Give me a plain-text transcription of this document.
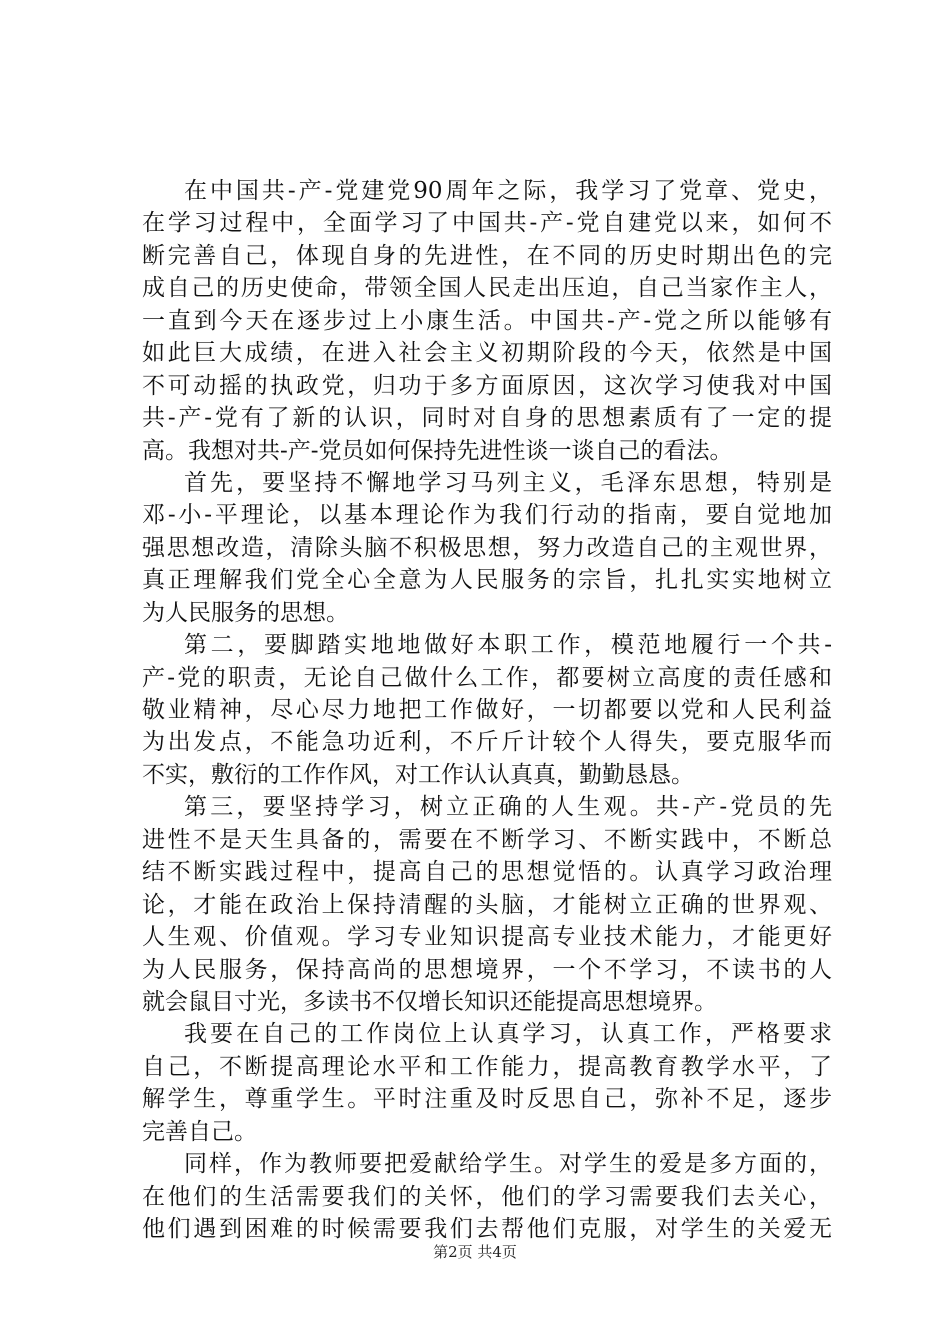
在中国共-产-党建党90周年之际，我学习了党章、党史，
在学习过程中，全面学习了中国共-产-党自建党以来，如何不
断完善自己，体现自身的先进性，在不同的历史时期出色的完
成自己的历史使命，带领全国人民走出压迫，自己当家作主人，
一直到今天在逐步过上小康生活。中国共-产-党之所以能够有
如此巨大成绩，在进入社会主义初期阶段的今天，依然是中国
不可动摇的执政党，归功于多方面原因，这次学习使我对中国
共-产-党有了新的认识，同时对自身的思想素质有了一定的提
高。我想对共-产-党员如何保持先进性谈一谈自己的看法。
首先，要坚持不懈地学习马列主义，毛泽东思想，特别是
邓-小-平理论，以基本理论作为我们行动的指南，要自觉地加
强思想改造，清除头脑不积极思想，努力改造自己的主观世界，
真正理解我们党全心全意为人民服务的宗旨，扎扎实实地树立
为人民服务的思想。
第二，要脚踏实地地做好本职工作，模范地履行一个共-
产-党的职责，无论自己做什么工作，都要树立高度的责任感和
敬业精神，尽心尽力地把工作做好，一切都要以党和人民利益
为出发点，不能急功近利，不斤斤计较个人得失，要克服华而
不实，敷衍的工作作风，对工作认认真真，勤勤恳恳。
第三，要坚持学习，树立正确的人生观。共-产-党员的先
进性不是天生具备的，需要在不断学习、不断实践中，不断总
结不断实践过程中，提高自己的思想觉悟的。认真学习政治理
论，才能在政治上保持清醒的头脑，才能树立正确的世界观、
人生观、价值观。学习专业知识提高专业技术能力，才能更好
为人民服务，保持高尚的思想境界，一个不学习，不读书的人
就会鼠目寸光，多读书不仅增长知识还能提高思想境界。
我要在自己的工作岗位上认真学习，认真工作，严格要求
自己，不断提高理论水平和工作能力，提高教育教学水平，了
解学生，尊重学生。平时注重及时反思自己，弥补不足，逐步
完善自己。
同样，作为教师要把爱献给学生。对学生的爱是多方面的，
在他们的生活需要我们的关怀，他们的学习需要我们去关心，
他们遇到困难的时候需要我们去帮他们克服，对学生的关爱无
第2页 共4页
